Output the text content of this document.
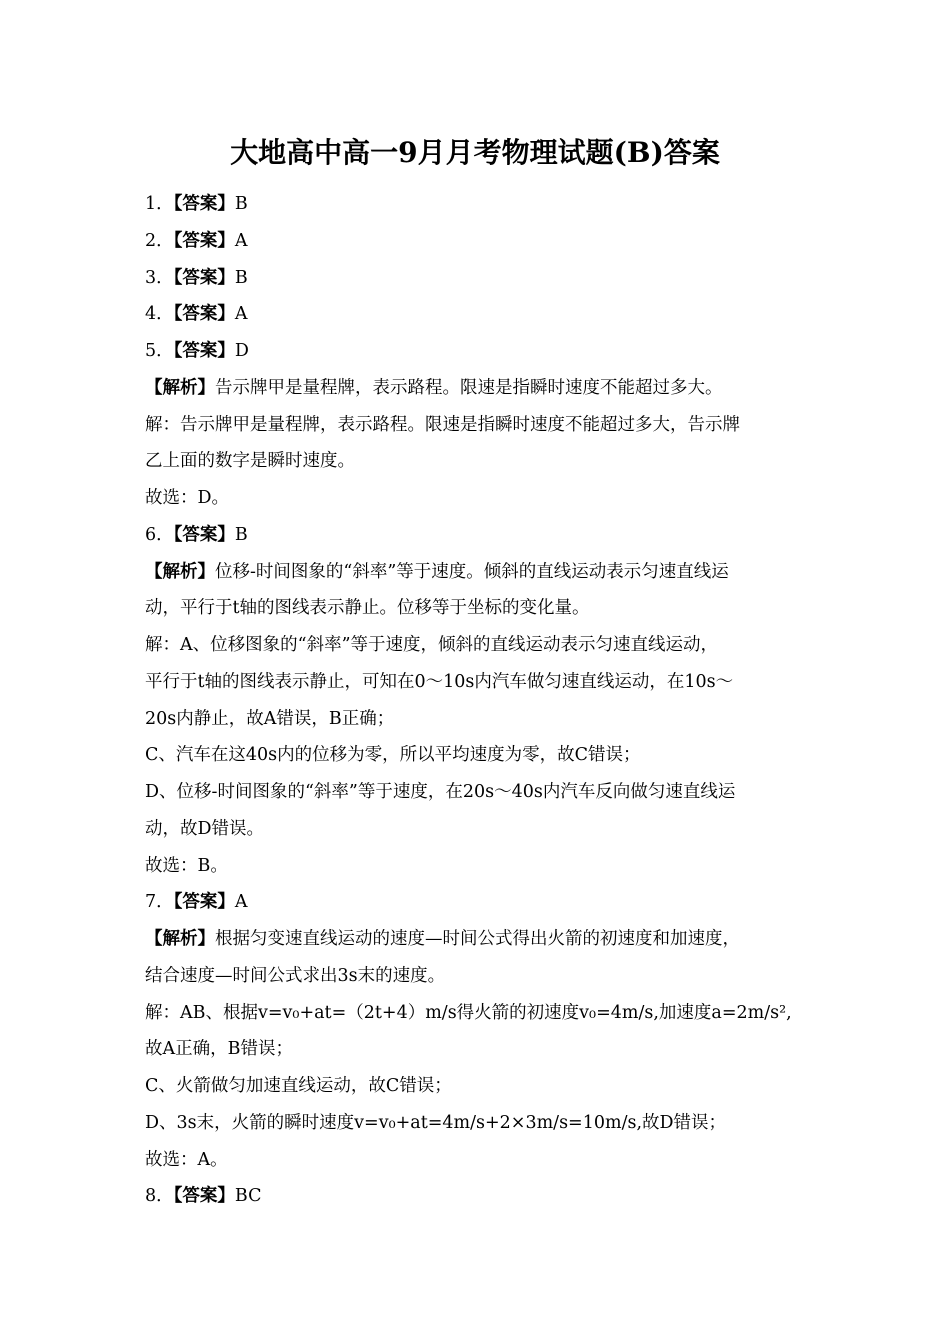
大地高中高一9月月考物理试题(B)答案
1．【答案】B
2．【答案】A
3．【答案】B
4．【答案】A
5．【答案】D
【解析】告示牌甲是量程牌，表示路程。限速是指瞬时速度不能超过多大。
解：告示牌甲是量程牌，表示路程。限速是指瞬时速度不能超过多大，告示牌
乙上面的数字是瞬时速度。
故选：D。
6．【答案】B
【解析】位移-时间图象的“斜率”等于速度。倾斜的直线运动表示匀速直线运
动，平行于t轴的图线表示静止。位移等于坐标的变化量。
解：A、位移图象的“斜率”等于速度，倾斜的直线运动表示匀速直线运动，
平行于t轴的图线表示静止，可知在0～10s内汽车做匀速直线运动，在10s～
20s内静止，故A错误，B正确；
C、汽车在这40s内的位移为零，所以平均速度为零，故C错误；
D、位移-时间图象的“斜率”等于速度，在20s～40s内汽车反向做匀速直线运
动，故D错误。
故选：B。
7．【答案】A
【解析】根据匀变速直线运动的速度—时间公式得出火箭的初速度和加速度，
结合速度—时间公式求出3s末的速度。
解：AB、根据v=v₀+at=（2t+4）m/s得火箭的初速度v₀=4m/s,加速度a=2m/s²,
故A正确，B错误；
C、火箭做匀加速直线运动，故C错误；
D、3s末，火箭的瞬时速度v=v₀+at=4m/s+2×3m/s=10m/s,故D错误；
故选：A。
8．【答案】BC
